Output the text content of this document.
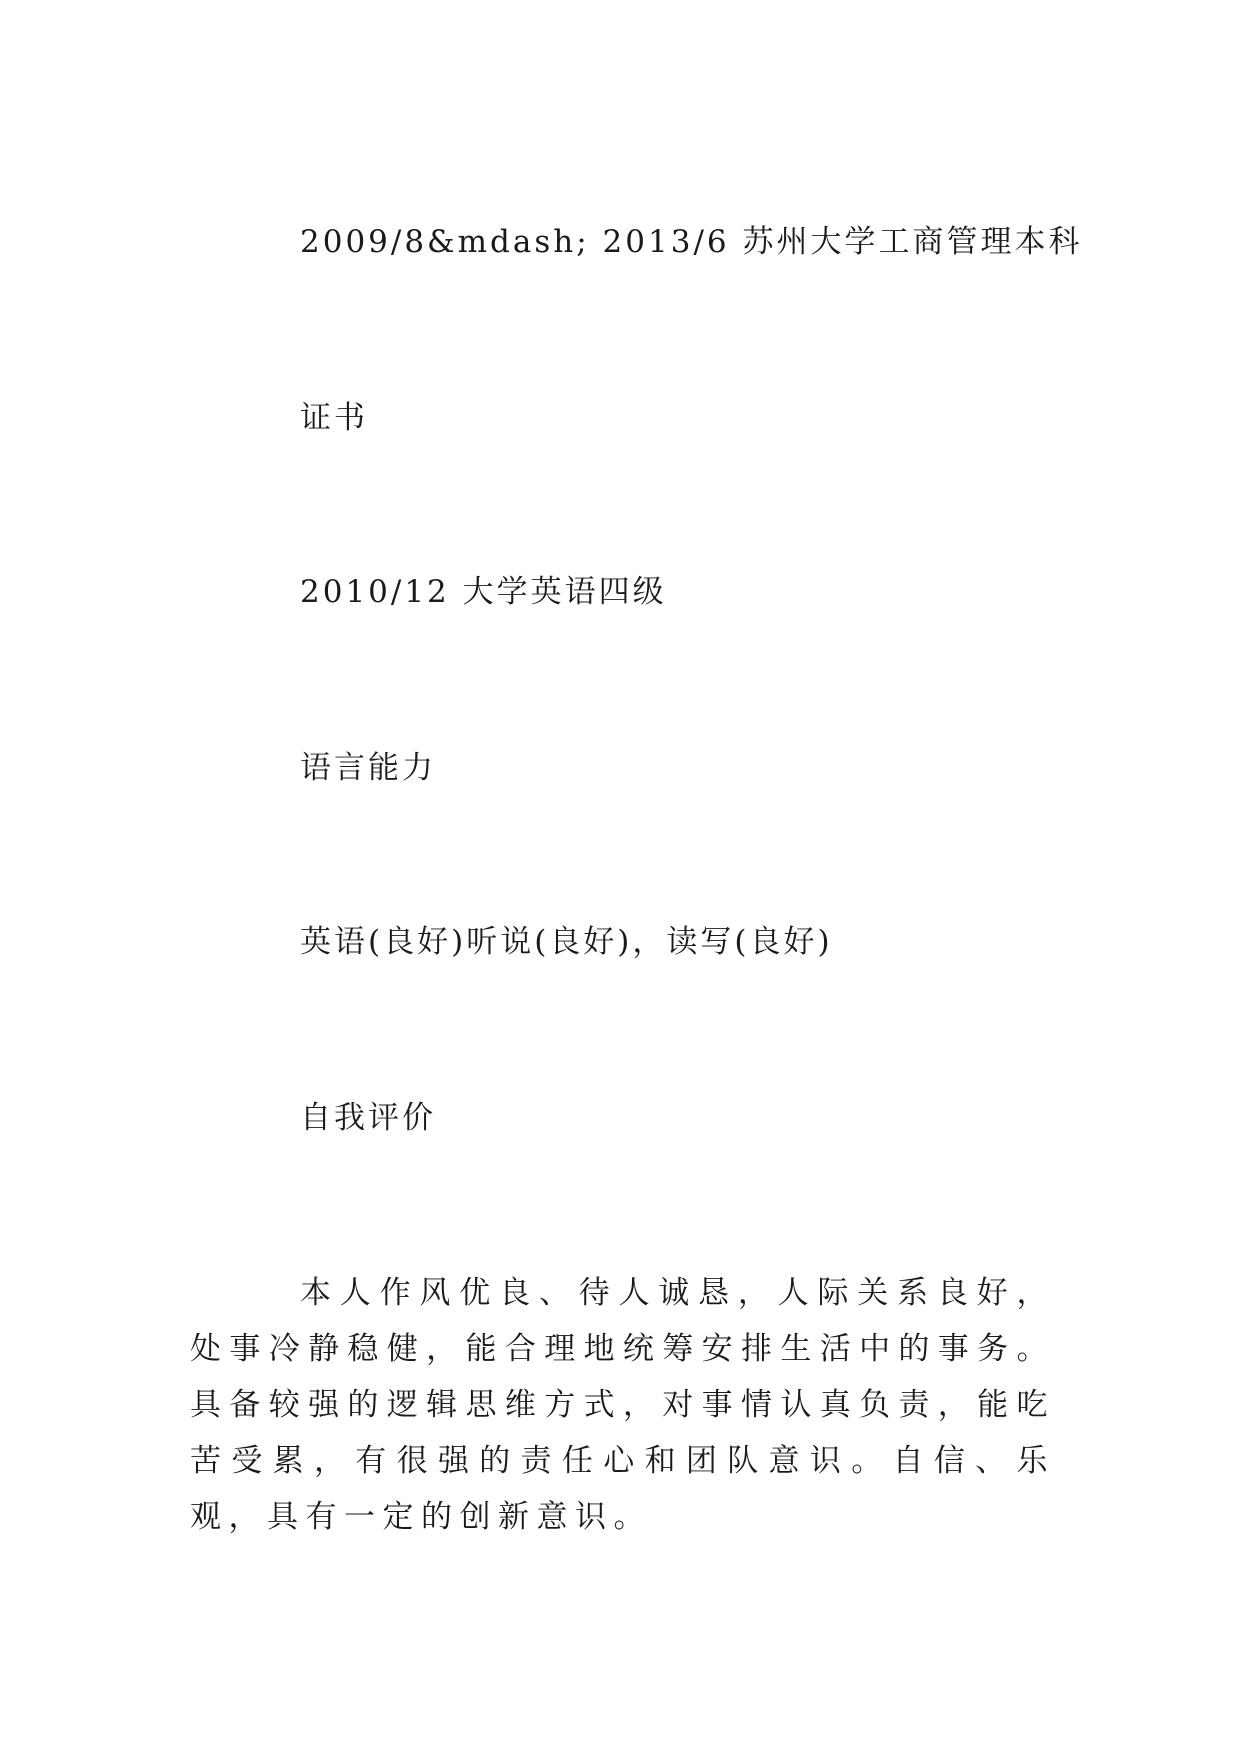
2009/8&mdash; 2013/6 苏州大学工商管理本科
证书
2010/12 大学英语四级
语言能力
英语(良好)听说(良好)，读写(良好)
自我评价
本人作风优良、待人诚恳，人际关系良好，处事冷静稳健，能合理地统筹安排生活中的事务。具备较强的逻辑思维方式，对事情认真负责，能吃苦受累，有很强的责任心和团队意识。自信、乐观，具有一定的创新意识。
